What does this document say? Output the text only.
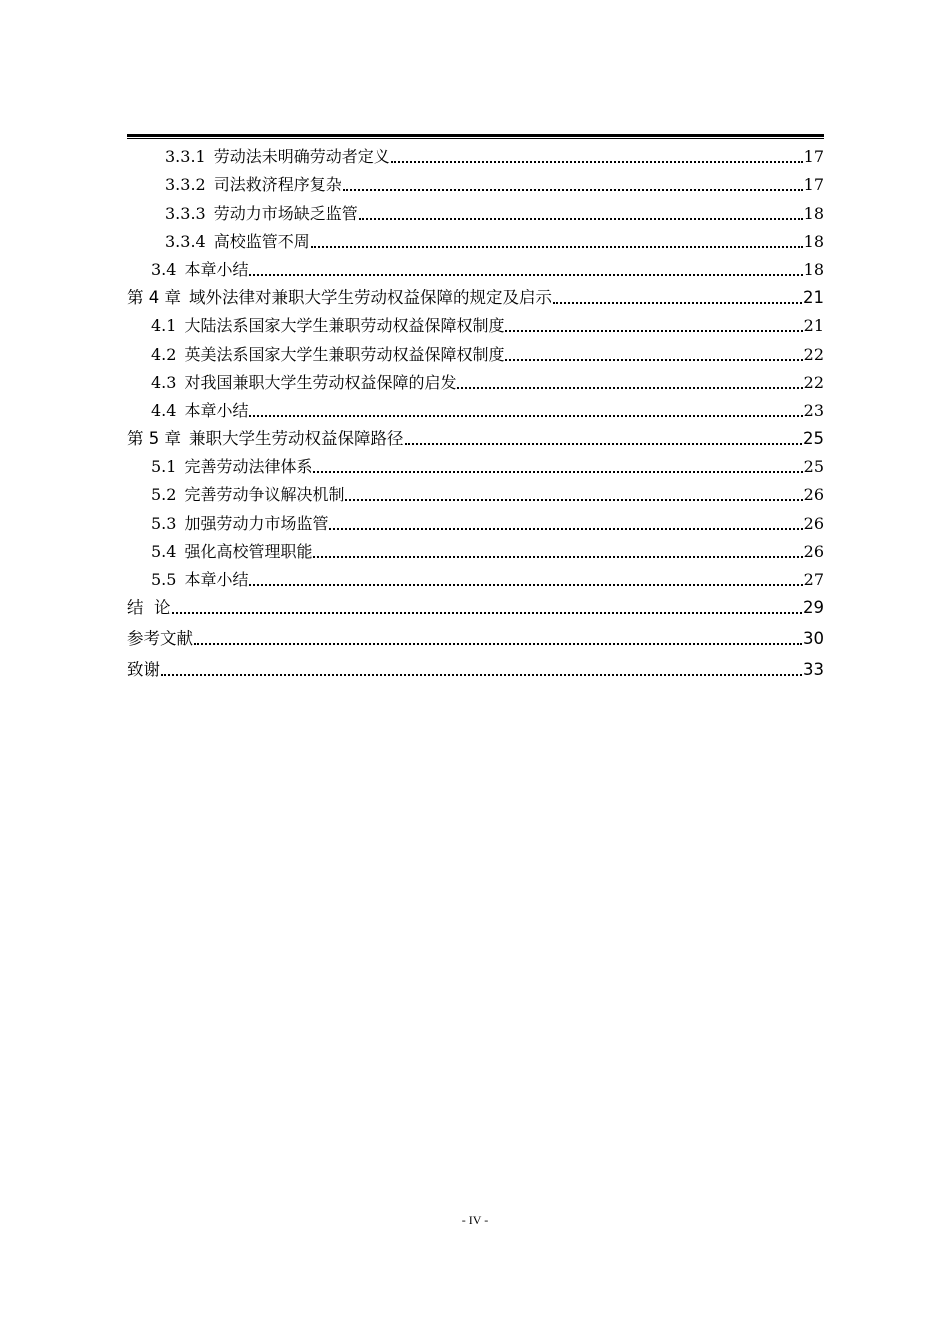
3.3.1 劳动法未明确劳动者定义	17
3.3.2 司法救济程序复杂	17
3.3.3 劳动力市场缺乏监管	18
3.3.4 高校监管不周	18
3.4 本章小结	18
第 4 章 域外法律对兼职大学生劳动权益保障的规定及启示	21
4.1 大陆法系国家大学生兼职劳动权益保障权制度	21
4.2 英美法系国家大学生兼职劳动权益保障权制度	22
4.3 对我国兼职大学生劳动权益保障的启发	22
4.4 本章小结	23
第 5 章 兼职大学生劳动权益保障路径	25
5.1 完善劳动法律体系	25
5.2 完善劳动争议解决机制	26
5.3 加强劳动力市场监管	26
5.4 强化高校管理职能	26
5.5 本章小结	27
结  论	29
参考文献	30
致谢	33
- IV -
